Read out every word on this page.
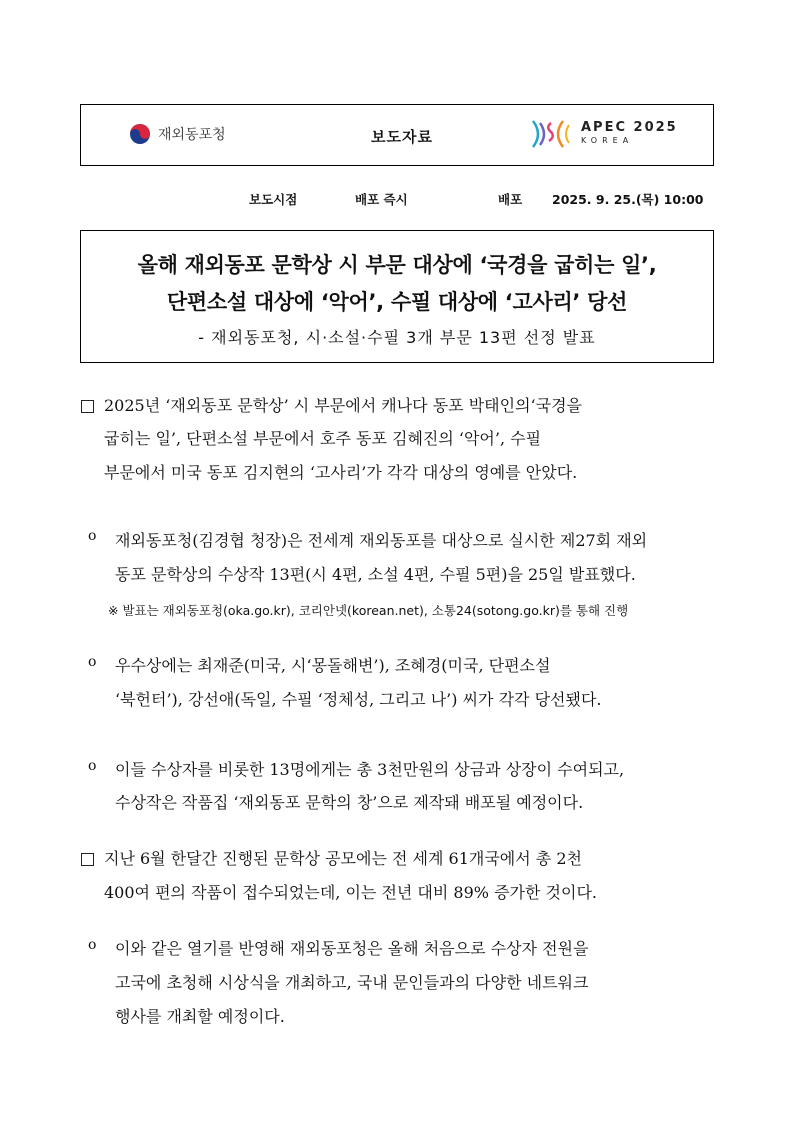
재외동포청	보도자료
APEC 2025
KOREA
보도시점	배포 즉시	배포 2025. 9. 25.(목) 10:00
올해 재외동포 문학상 시 부문 대상에 ‘국경을 굽히는 일’,
단편소설 대상에 ‘악어’, 수필 대상에 ‘고사리’ 당선
- 재외동포청, 시·소설·수필 3개 부문 13편 선정 발표
2025년 ‘재외동포 문학상’ 시 부문에서 캐나다 동포 박태인의‘국경을
굽히는 일’, 단편소설 부문에서 호주 동포 김혜진의 ‘악어’, 수필
부문에서 미국 동포 김지현의 ‘고사리’가 각각 대상의 영예를 안았다.
o 재외동포청(김경협 청장)은 전세계 재외동포를 대상으로 실시한 제27회 재외
동포 문학상의 수상작 13편(시 4편, 소설 4편, 수필 5편)을 25일 발표했다.
※ 발표는 재외동포청(oka.go.kr), 코리안넷(korean.net), 소통24(sotong.go.kr)를 통해 진행
o 우수상에는 최재준(미국, 시‘몽돌해변’), 조혜경(미국, 단편소설
‘북헌터’), 강선애(독일, 수필 ‘정체성, 그리고 나’) 씨가 각각 당선됐다.
o 이들 수상자를 비롯한 13명에게는 총 3천만원의 상금과 상장이 수여되고,
수상작은 작품집 ‘재외동포 문학의 창’으로 제작돼 배포될 예정이다.
지난 6월 한달간 진행된 문학상 공모에는 전 세계 61개국에서 총 2천
400여 편의 작품이 접수되었는데, 이는 전년 대비 89% 증가한 것이다.
o 이와 같은 열기를 반영해 재외동포청은 올해 처음으로 수상자 전원을
고국에 초청해 시상식을 개최하고, 국내 문인들과의 다양한 네트워크
행사를 개최할 예정이다.
